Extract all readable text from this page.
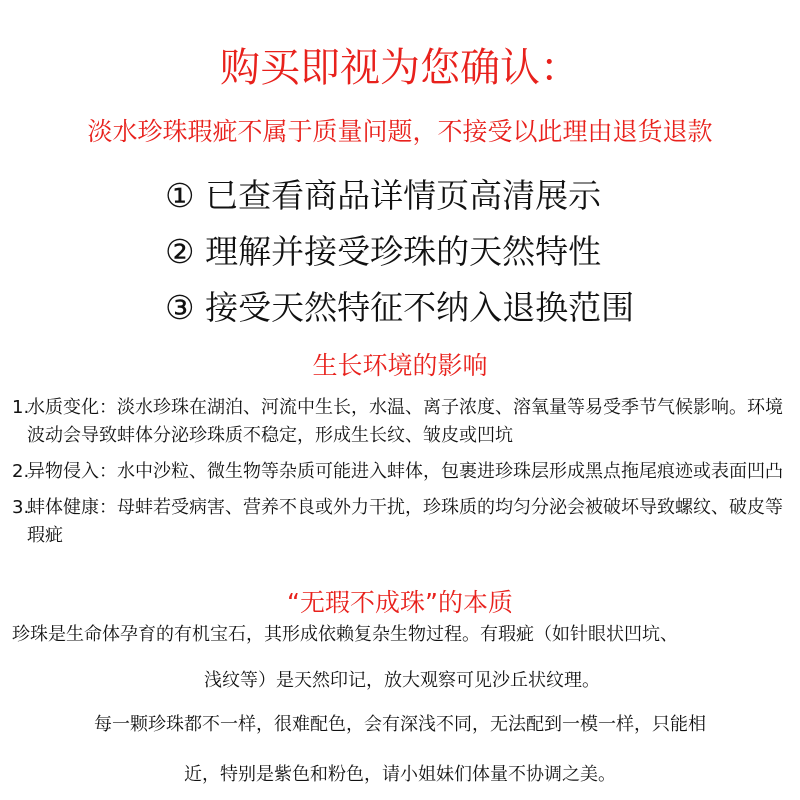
购买即视为您确认：
淡水珍珠瑕疵不属于质量问题，不接受以此理由退货退款
① 已查看商品详情页高清展示
② 理解并接受珍珠的天然特性
③ 接受天然特征不纳入退换范围
生长环境的影响
1.
水质变化：淡水珍珠在湖泊、河流中生长，水温、离子浓度、溶氧量等易受季节气候影响。环境波动会导致蚌体分泌珍珠质不稳定，形成生长纹、皱皮或凹坑
2.
异物侵入：水中沙粒、微生物等杂质可能进入蚌体，包裹进珍珠层形成黑点拖尾痕迹或表面凹凸
3.
蚌体健康：母蚌若受病害、营养不良或外力干扰，珍珠质的均匀分泌会被破坏导致螺纹、破皮等瑕疵
“无瑕不成珠”的本质
珍珠是生命体孕育的有机宝石，其形成依赖复杂生物过程。有瑕疵（如针眼状凹坑、
浅纹等）是天然印记，放大观察可见沙丘状纹理。
每一颗珍珠都不一样，很难配色，会有深浅不同，无法配到一模一样，只能相
近，特别是紫色和粉色，请小姐妹们体量不协调之美。
